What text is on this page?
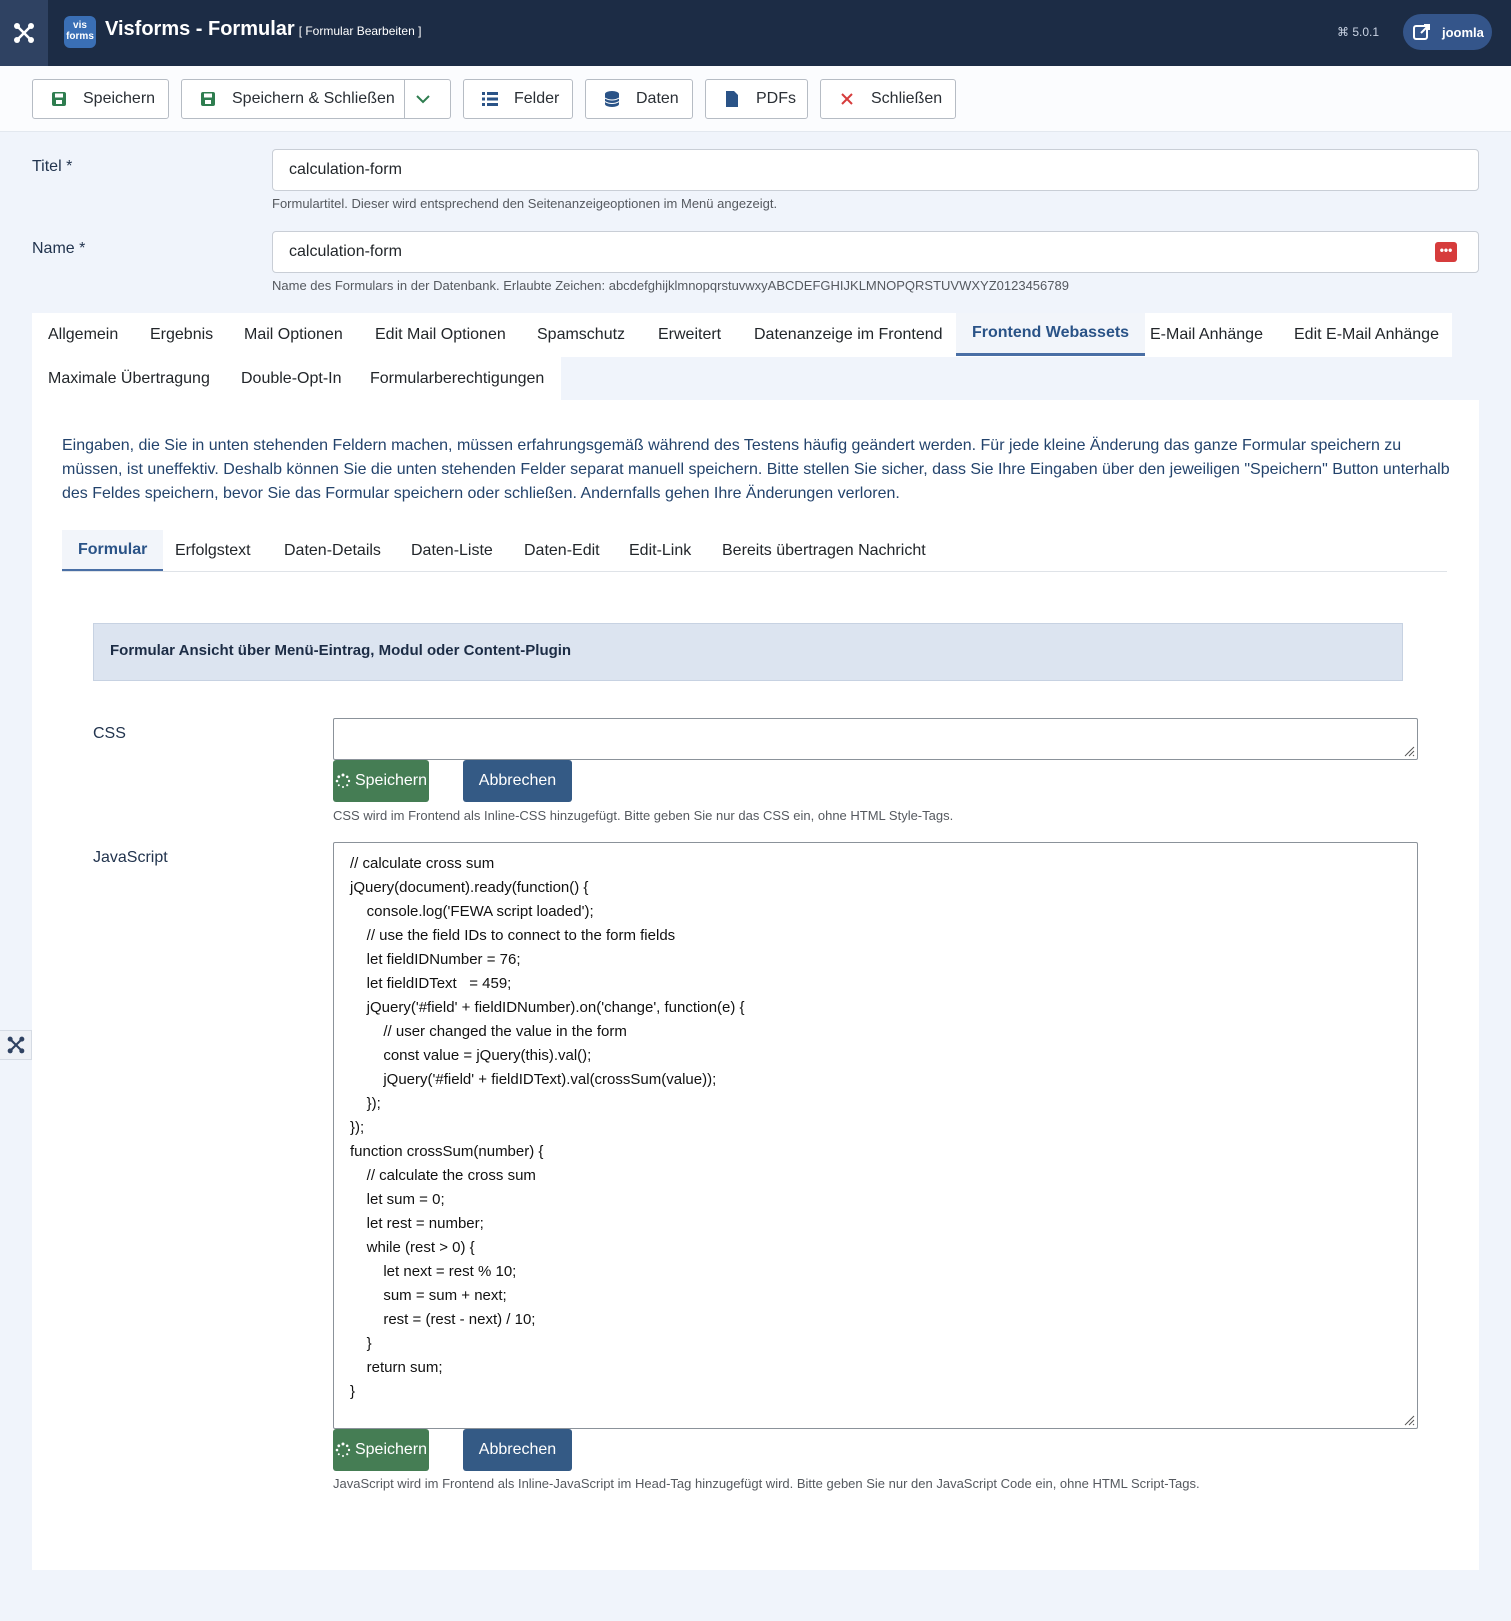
vis
forms Visforms - Formular [ Formular Bearbeiten ]	⌘ 5.0.1	joomla
Speichern	Speichern & Schließen	Felder	Daten	PDFs	Schließen
Titel *	calculation-form
Formulartitel. Dieser wird entsprechend den Seitenanzeigeoptionen im Menü angezeigt.
Name *	calculation-form	•••
Name des Formulars in der Datenbank. Erlaubte Zeichen: abcdefghijklmnopqrstuvwxyABCDEFGHIJKLMNOPQRSTUVWXYZ0123456789
Allgemein	Ergebnis	Mail Optionen	Edit Mail Optionen	Spamschutz	Erweitert	Datenanzeige im Frontend	Frontend Webassets	E-Mail Anhänge	Edit E-Mail Anhänge
Maximale Übertragung	Double-Opt-In	Formularberechtigungen
Eingaben, die Sie in unten stehenden Feldern machen, müssen erfahrungsgemäß während des Testens häufig geändert werden. Für jede kleine Änderung das ganze Formular speichern zu müssen, ist uneffektiv. Deshalb können Sie die unten stehenden Felder separat manuell speichern. Bitte stellen Sie sicher, dass Sie Ihre Eingaben über den jeweiligen "Speichern" Button unterhalb des Feldes speichern, bevor Sie das Formular speichern oder schließen. Andernfalls gehen Ihre Änderungen verloren.
Formular	Erfolgstext	Daten-Details	Daten-Liste	Daten-Edit	Edit-Link	Bereits übertragen Nachricht
Formular Ansicht über Menü-Eintrag, Modul oder Content-Plugin
CSS
Speichern	Abbrechen
CSS wird im Frontend als Inline-CSS hinzugefügt. Bitte geben Sie nur das CSS ein, ohne HTML Style-Tags.
JavaScript	// calculate cross sum
jQuery(document).ready(function() {
	console.log('FEWA script loaded');
	// use the field IDs to connect to the form fields
	let fieldIDNumber = 76;
	let fieldIDText   = 459;
	jQuery('#field' + fieldIDNumber).on('change', function(e) {
		// user changed the value in the form
		const value = jQuery(this).val();
		jQuery('#field' + fieldIDText).val(crossSum(value));
	});
});
function crossSum(number) {
	// calculate the cross sum
	let sum = 0;
	let rest = number;
	while (rest > 0) {
		let next = rest % 10;
		sum = sum + next;
		rest = (rest - next) / 10;
	}
	return sum;
}
Speichern	Abbrechen
JavaScript wird im Frontend als Inline-JavaScript im Head-Tag hinzugefügt wird. Bitte geben Sie nur den JavaScript Code ein, ohne HTML Script-Tags.
